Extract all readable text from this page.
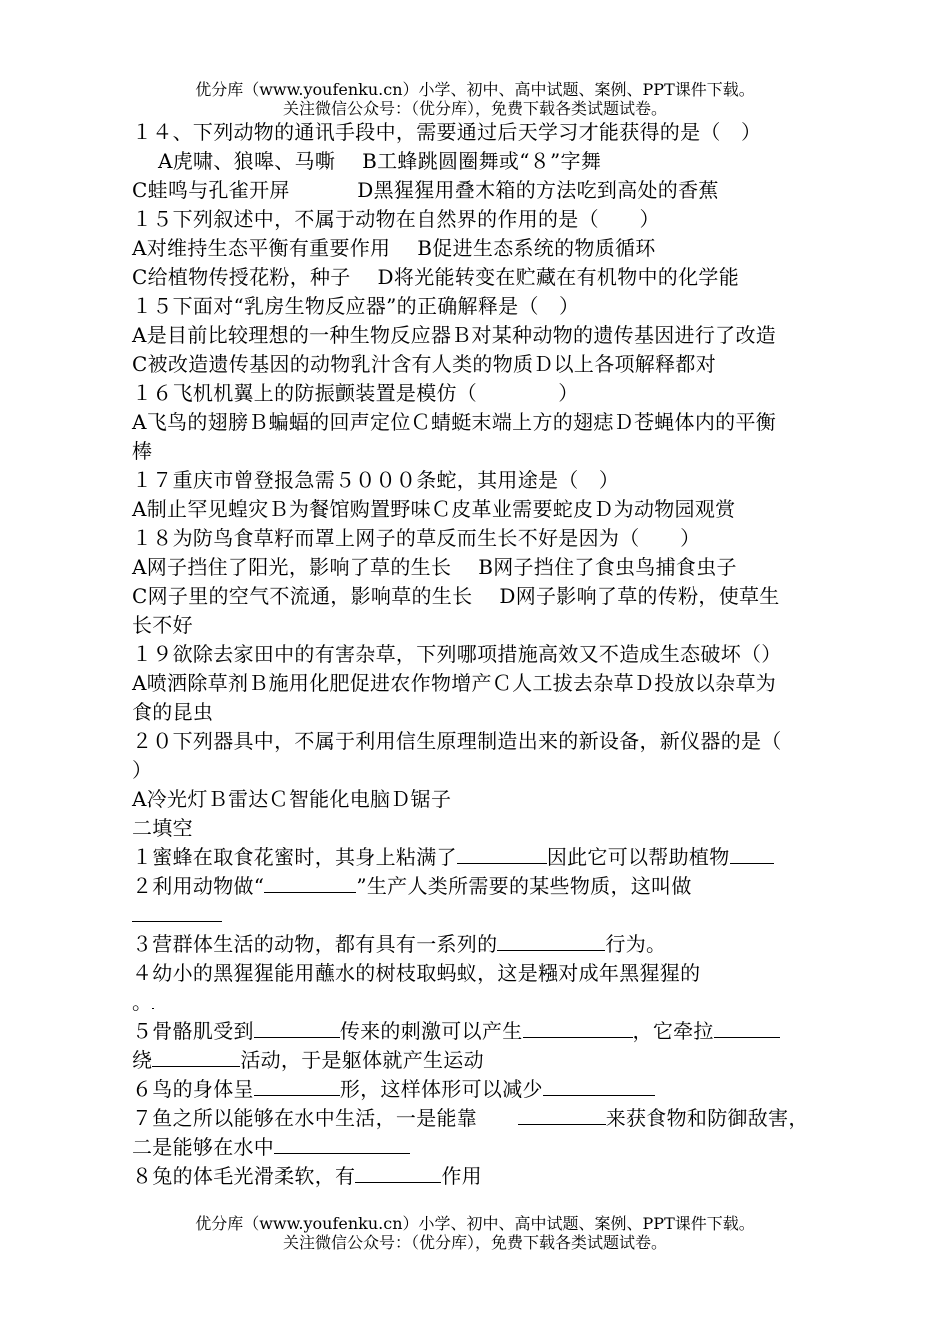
优分库（www.youfenku.cn）小学、初中、高中试题、案例、PPT课件下载。
关注微信公众号：（优分库），免费下载各类试题试卷。
１４、下列动物的通讯手段中，需要通过后天学习才能获得的是（　）
A虎啸、狼嗥、马嘶　 B工蜂跳圆圈舞或“８”字舞
C蛙鸣与孔雀开屏　　　 D黑猩猩用叠木箱的方法吃到高处的香蕉
１５下列叙述中，不属于动物在自然界的作用的是（　　）
A对维持生态平衡有重要作用　 B促进生态系统的物质循环
C给植物传授花粉，种子　 D将光能转变在贮藏在有机物中的化学能
１５下面对“乳房生物反应器”的正确解释是（　）
A是目前比较理想的一种生物反应器Ｂ对某种动物的遗传基因进行了改造
C被改造遗传基因的动物乳汁含有人类的物质Ｄ以上各项解释都对
１６飞机机翼上的防振颤装置是模仿（　　　　）
A飞鸟的翅膀Ｂ蝙蝠的回声定位Ｃ蜻蜓末端上方的翅痣Ｄ苍蝇体内的平衡
棒
１７重庆市曾登报急需５０００条蛇，其用途是（　）
A制止罕见蝗灾Ｂ为餐馆购置野味Ｃ皮革业需要蛇皮Ｄ为动物园观赏
１８为防鸟食草籽而罩上网子的草反而生长不好是因为（　　）
A网子挡住了阳光，影响了草的生长　 B网子挡住了食虫鸟捕食虫子
C网子里的空气不流通，影响草的生长　 D网子影响了草的传粉，使草生
长不好
１９欲除去家田中的有害杂草，下列哪项措施高效又不造成生态破坏（）
A喷洒除草剂Ｂ施用化肥促进农作物增产Ｃ人工拔去杂草Ｄ投放以杂草为
食的昆虫
２０下列器具中，不属于利用信生原理制造出来的新设备，新仪器的是（
）
A冷光灯Ｂ雷达Ｃ智能化电脑Ｄ锯子
二填空
１蜜蜂在取食花蜜时，其身上粘满了	因此它可以帮助植物
２利用动物做“	”生产人类所需要的某些物质，这叫做
３营群体生活的动物，都有具有一系列的	行为。
４幼小的黑猩猩能用蘸水的树枝取蚂蚁，这是糨对成年黑猩猩的
。
５骨骼肌受到	传来的刺激可以产生	，它牵拉
绕	活动，于是躯体就产生运动
６鸟的身体呈	形，这样体形可以减少
７鱼之所以能够在水中生活，一是能靠　　	来获食物和防御敌害，
二是能够在水中
８兔的体毛光滑柔软，有	作用
优分库（www.youfenku.cn）小学、初中、高中试题、案例、PPT课件下载。
关注微信公众号：（优分库），免费下载各类试题试卷。
